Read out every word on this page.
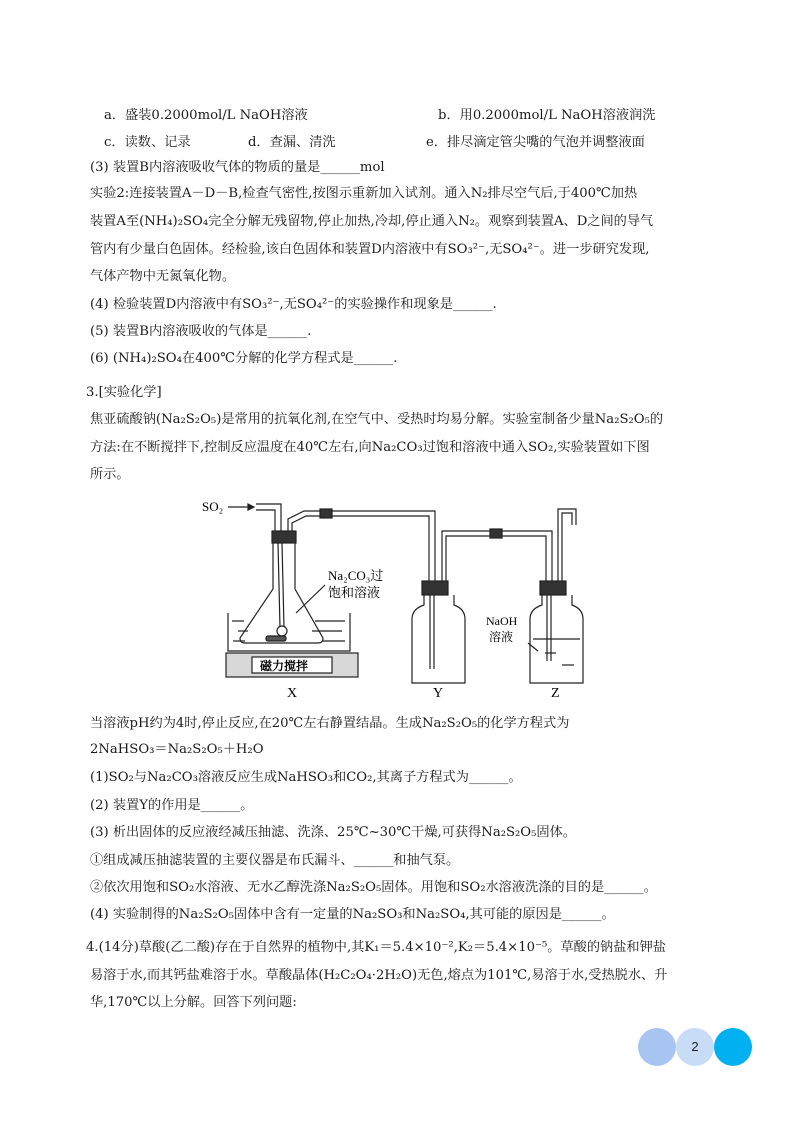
a．盛装0.2000mol/L NaOH溶液	b．用0.2000mol/L NaOH溶液润洗
c．读数、记录	d．查漏、清洗	e．排尽滴定管尖嘴的气泡并调整液面
(3) 装置B内溶液吸收气体的物质的量是______mol
实验2:连接装置A－D－B,检查气密性,按图示重新加入试剂。通入N₂排尽空气后,于400℃加热
装置A至(NH₄)₂SO₄完全分解无残留物,停止加热,冷却,停止通入N₂。观察到装置A、D之间的导气
管内有少量白色固体。经检验,该白色固体和装置D内溶液中有SO₃²⁻,无SO₄²⁻。进一步研究发现,
气体产物中无氮氧化物。
(4) 检验装置D内溶液中有SO₃²⁻,无SO₄²⁻的实验操作和现象是______.
(5) 装置B内溶液吸收的气体是______.
(6) (NH₄)₂SO₄在400℃分解的化学方程式是______.
3.[实验化学]
焦亚硫酸钠(Na₂S₂O₅)是常用的抗氧化剂,在空气中、受热时均易分解。实验室制备少量Na₂S₂O₅的
方法:在不断搅拌下,控制反应温度在40℃左右,向Na₂CO₃过饱和溶液中通入SO₂,实验装置如下图
所示。
SO₂
Na₂CO₃过
饱和溶液
磁力搅拌
NaOH
溶液
X	Y	Z
当溶液pH约为4时,停止反应,在20℃左右静置结晶。生成Na₂S₂O₅的化学方程式为
2NaHSO₃＝Na₂S₂O₅＋H₂O
(1)SO₂与Na₂CO₃溶液反应生成NaHSO₃和CO₂,其离子方程式为______。
(2) 装置Y的作用是______。
(3) 析出固体的反应液经减压抽滤、洗涤、25℃~30℃干燥,可获得Na₂S₂O₅固体。
①组成减压抽滤装置的主要仪器是布氏漏斗、______和抽气泵。
②依次用饱和SO₂水溶液、无水乙醇洗涤Na₂S₂O₅固体。用饱和SO₂水溶液洗涤的目的是______。
(4) 实验制得的Na₂S₂O₅固体中含有一定量的Na₂SO₃和Na₂SO₄,其可能的原因是______。
4.(14分)草酸(乙二酸)存在于自然界的植物中,其K₁＝5.4×10⁻²,K₂＝5.4×10⁻⁵。草酸的钠盐和钾盐
易溶于水,而其钙盐难溶于水。草酸晶体(H₂C₂O₄·2H₂O)无色,熔点为101℃,易溶于水,受热脱水、升
华,170℃以上分解。回答下列问题:
2
